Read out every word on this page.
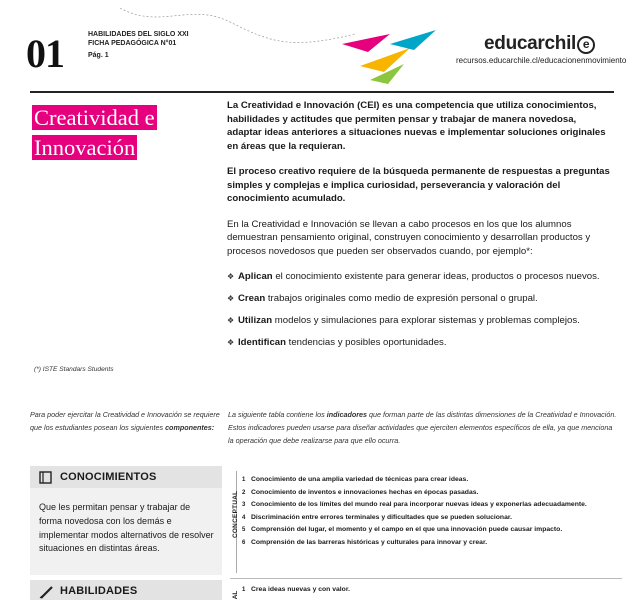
01	HABILIDADES DEL SIGLO XXI
FICHA PEDAGÓGICA N°01
Pág. 1
educarchil e
recursos.educarchile.cl/educacionenmovimiento
Creatividad e Innovación

La Creatividad e Innovación (CEI) es una competencia que utiliza conocimientos, habilidades y actitudes que permiten pensar y trabajar de manera novedosa, adaptar ideas anteriores a situaciones nuevas e implementar soluciones originales en áreas que la requieran.

El proceso creativo requiere de la búsqueda permanente de respuestas a preguntas simples y complejas e implica curiosidad, perseverancia y valoración del conocimiento acumulado.

En la Creatividad e Innovación se llevan a cabo procesos en los que los alumnos demuestran pensamiento original, construyen conocimiento y desarrollan productos y procesos novedosos que pueden ser observados cuando, por ejemplo*:

❖ Aplican el conocimiento existente para generar ideas, productos o procesos nuevos.
❖ Crean trabajos originales como medio de expresión personal o grupal.
❖ Utilizan modelos y simulaciones para explorar sistemas y problemas complejos.
❖ Identifican tendencias y posibles oportunidades.
(*) ISTE Standars Students
Para poder ejercitar la Creatividad e Innovación se requiere que los estudiantes posean los siguientes componentes:
La siguiente tabla contiene los indicadores que forman parte de las distintas dimensiones de la Creatividad e Innovación. Estos indicadores pueden usarse para diseñar actividades que ejerciten elementos específicos de ella, ya que menciona la operación que debe realizarse para que ello ocurra.
CONOCIMIENTOS
Que les permitan pensar y trabajar de forma novedosa con los demás e implementar modos alternativos de resolver situaciones en distintas áreas.
CONCEPTUAL
1 Conocimiento de una amplia variedad de técnicas para crear ideas.
2 Conocimiento de inventos e innovaciones hechas en épocas pasadas.
3 Conocimiento de los límites del mundo real para incorporar nuevas ideas y exponerlas adecuadamente.
4 Discriminación entre errores terminales y dificultades que se pueden solucionar.
5 Comprensión del lugar, el momento y el campo en el que una innovación puede causar impacto.
6 Comprensión de las barreras históricas y culturales para innovar y crear.
HABILIDADES	AL
1 Crea ideas nuevas y con valor.
